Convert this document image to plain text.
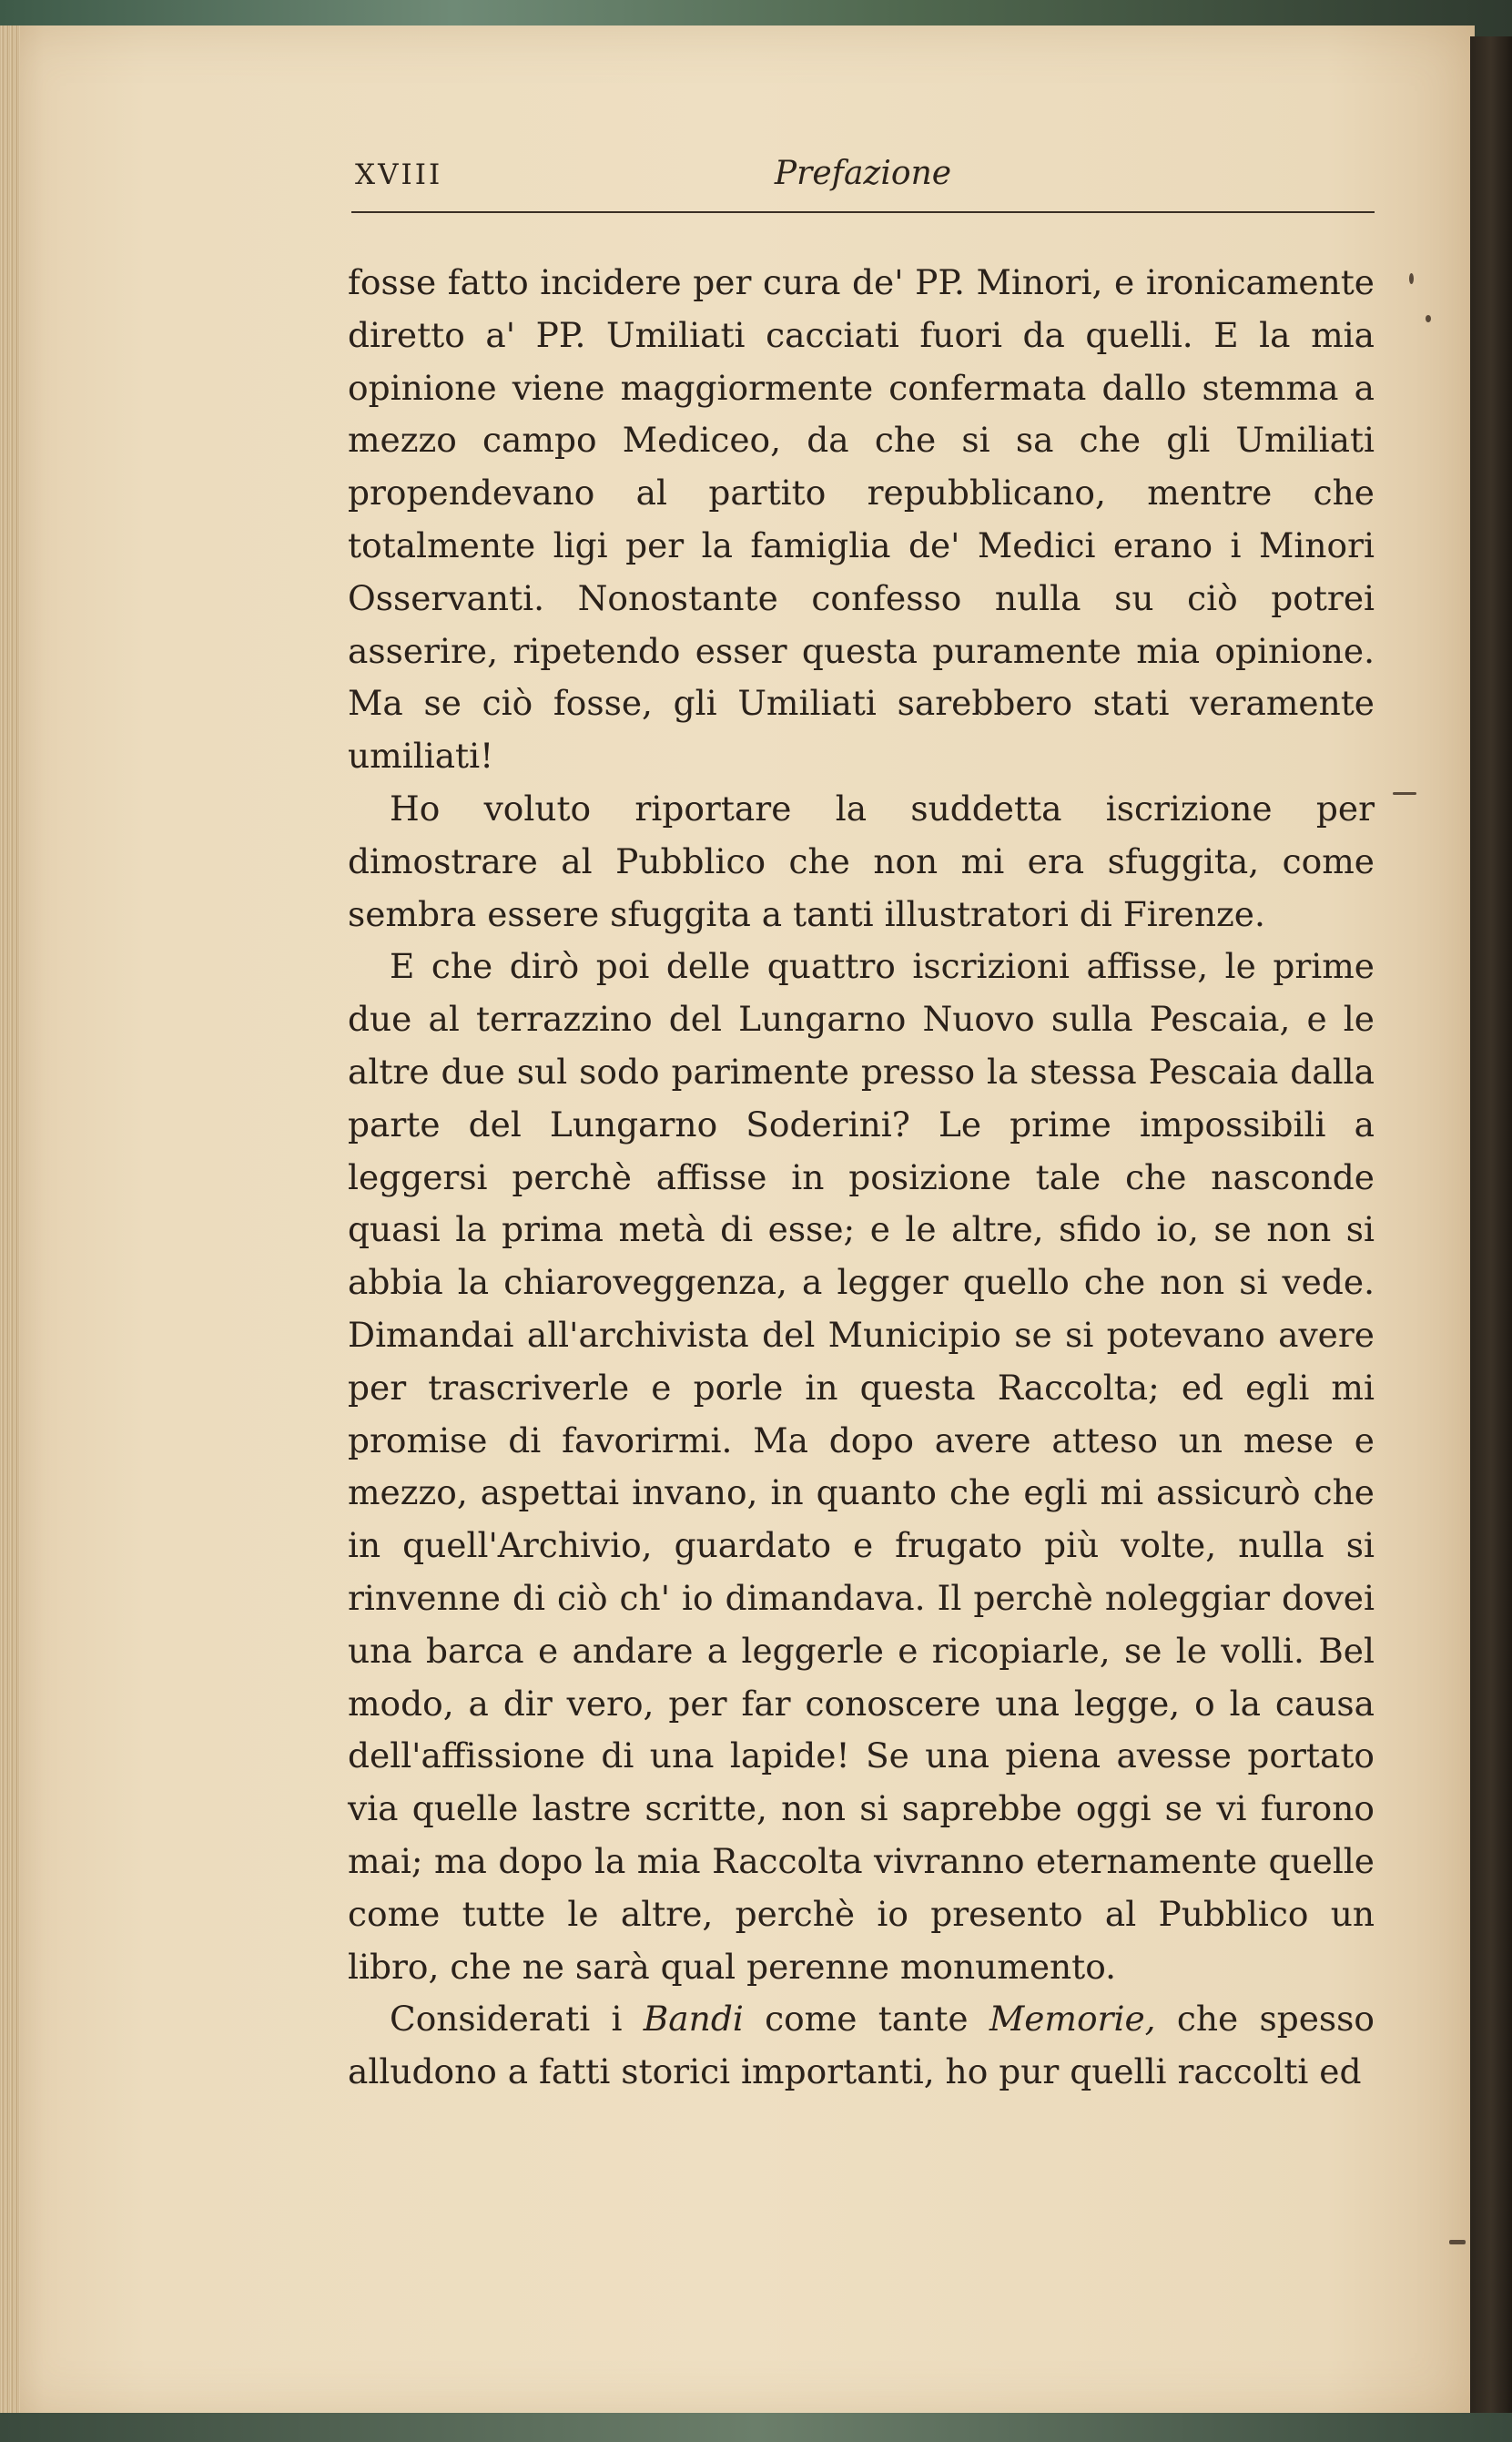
XVIII	Prefazione

fosse fatto incidere per cura de' PP. Minori, e ironicamente diretto a' PP. Umiliati cacciati fuori da quelli. E la mia opinione viene maggiormente confermata dallo stemma a mezzo campo Mediceo, da che si sa che gli Umiliati propendevano al partito repubblicano, mentre che totalmente ligi per la famiglia de' Medici erano i Minori Osservanti. Nonostante confesso nulla su ciò potrei asserire, ripetendo esser questa puramente mia opinione. Ma se ciò fosse, gli Umiliati sarebbero stati veramente umiliati!

Ho voluto riportare la suddetta iscrizione per dimostrare al Pubblico che non mi era sfuggita, come sembra essere sfuggita a tanti illustratori di Firenze.

E che dirò poi delle quattro iscrizioni affisse, le prime due al terrazzino del Lungarno Nuovo sulla Pescaia, e le altre due sul sodo parimente presso la stessa Pescaia dalla parte del Lungarno Soderini? Le prime impossibili a leggersi perchè affisse in posizione tale che nasconde quasi la prima metà di esse; e le altre, sfido io, se non si abbia la chiaroveggenza, a legger quello che non si vede. Dimandai all'archivista del Municipio se si potevano avere per trascriverle e porle in questa Raccolta; ed egli mi promise di favorirmi. Ma dopo avere atteso un mese e mezzo, aspettai invano, in quanto che egli mi assicurò che in quell'Archivio, guardato e frugato più volte, nulla si rinvenne di ciò ch' io dimandava. Il perchè noleggiar dovei una barca e andare a leggerle e ricopiarle, se le volli. Bel modo, a dir vero, per far conoscere una legge, o la causa dell'affissione di una lapide! Se una piena avesse portato via quelle lastre scritte, non si saprebbe oggi se vi furono mai; ma dopo la mia Raccolta vivranno eternamente quelle come tutte le altre, perchè io presento al Pubblico un libro, che ne sarà qual perenne monumento.

Considerati i Bandi come tante Memorie, che spesso alludono a fatti storici importanti, ho pur quelli raccolti ed
